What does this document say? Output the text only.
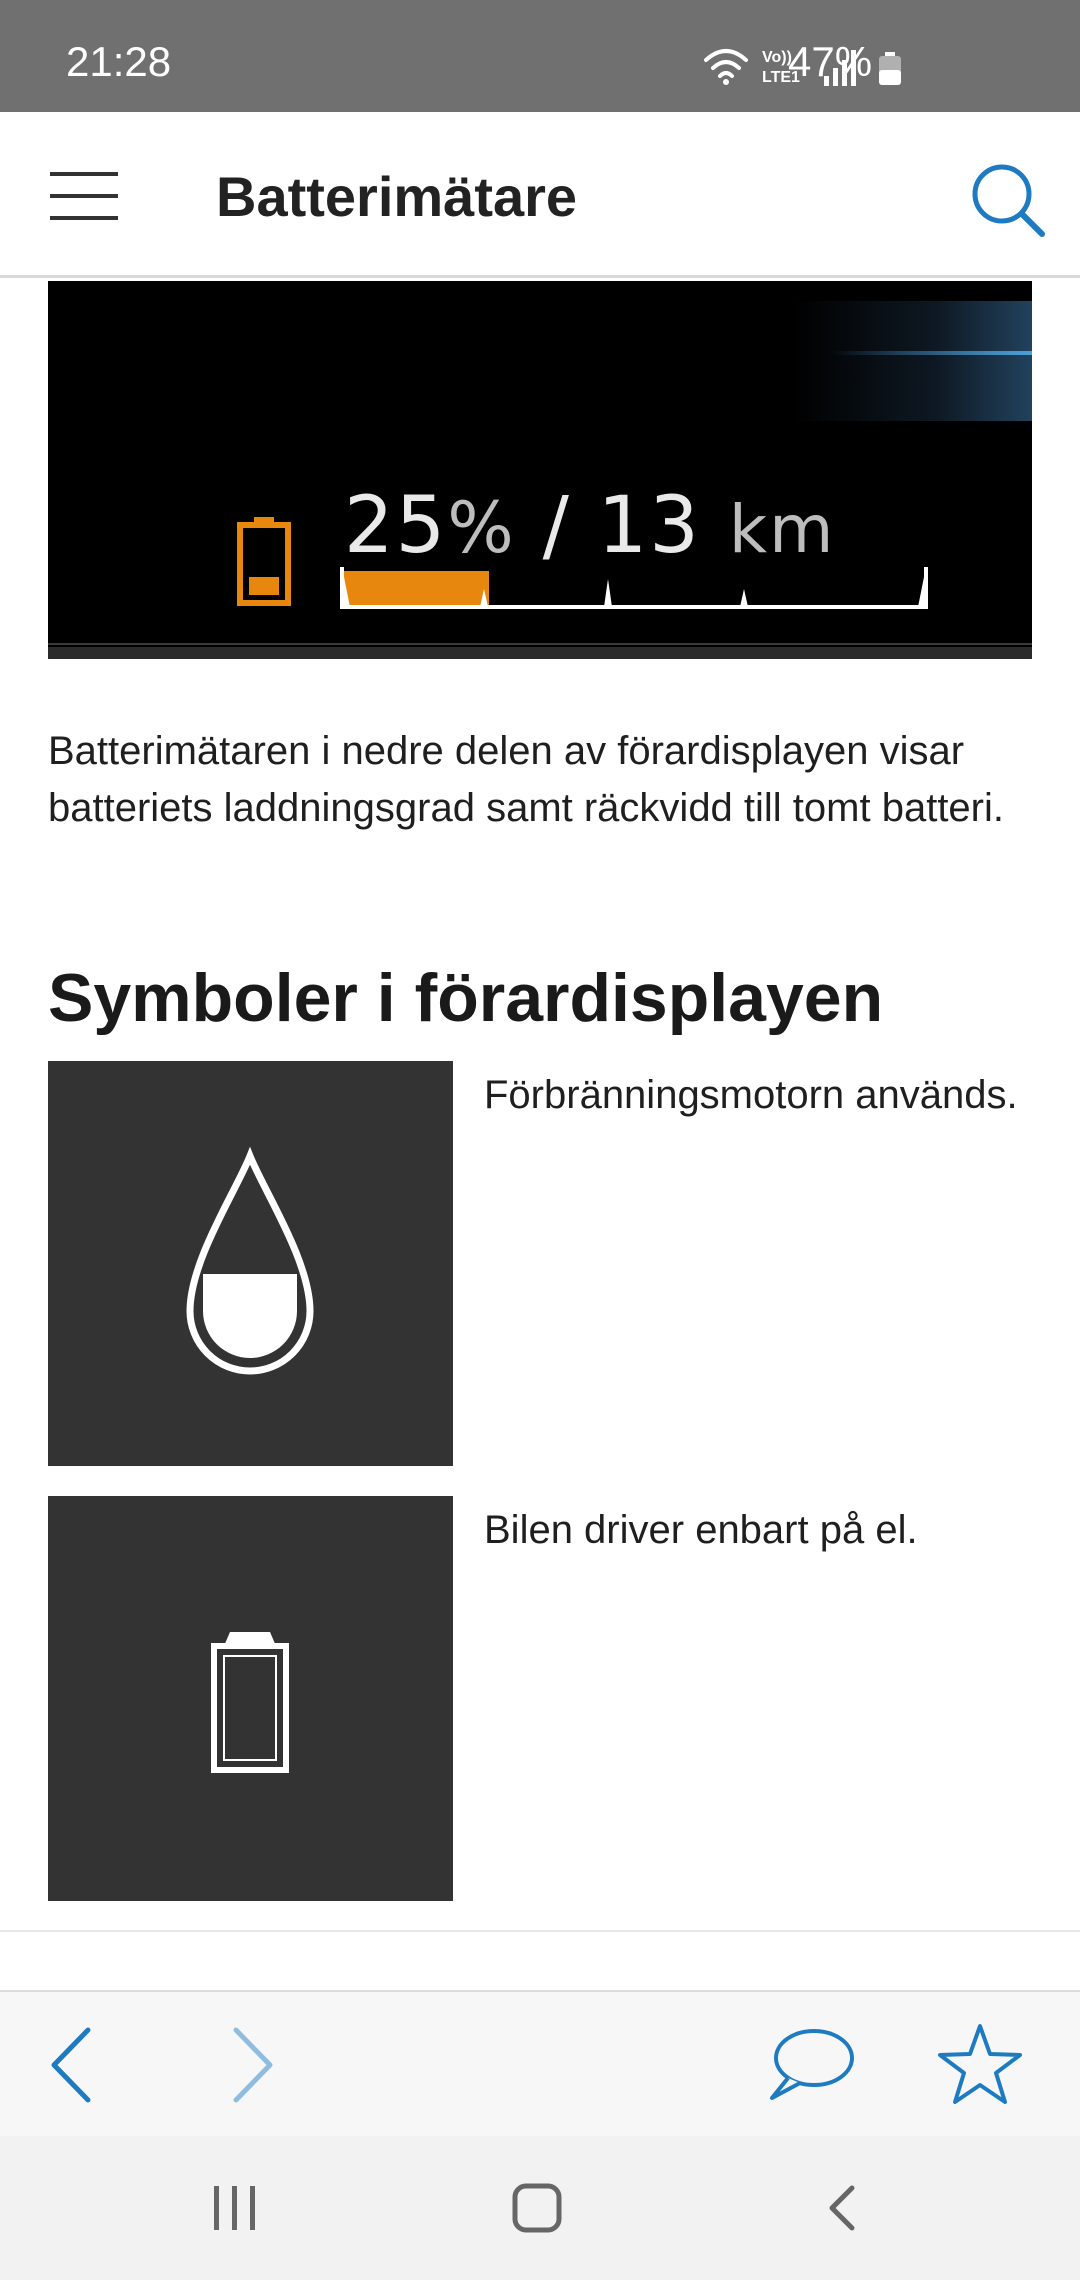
21:28	Vo))
LTE1
47%
Batterimätare
25% / 13 km

Batterimätaren i nedre delen av förardisplayen visar batteriets laddningsgrad samt räckvidd till tomt batteri.

Symboler i förardisplayen

Förbränningsmotorn används.

Bilen driver enbart på el.
